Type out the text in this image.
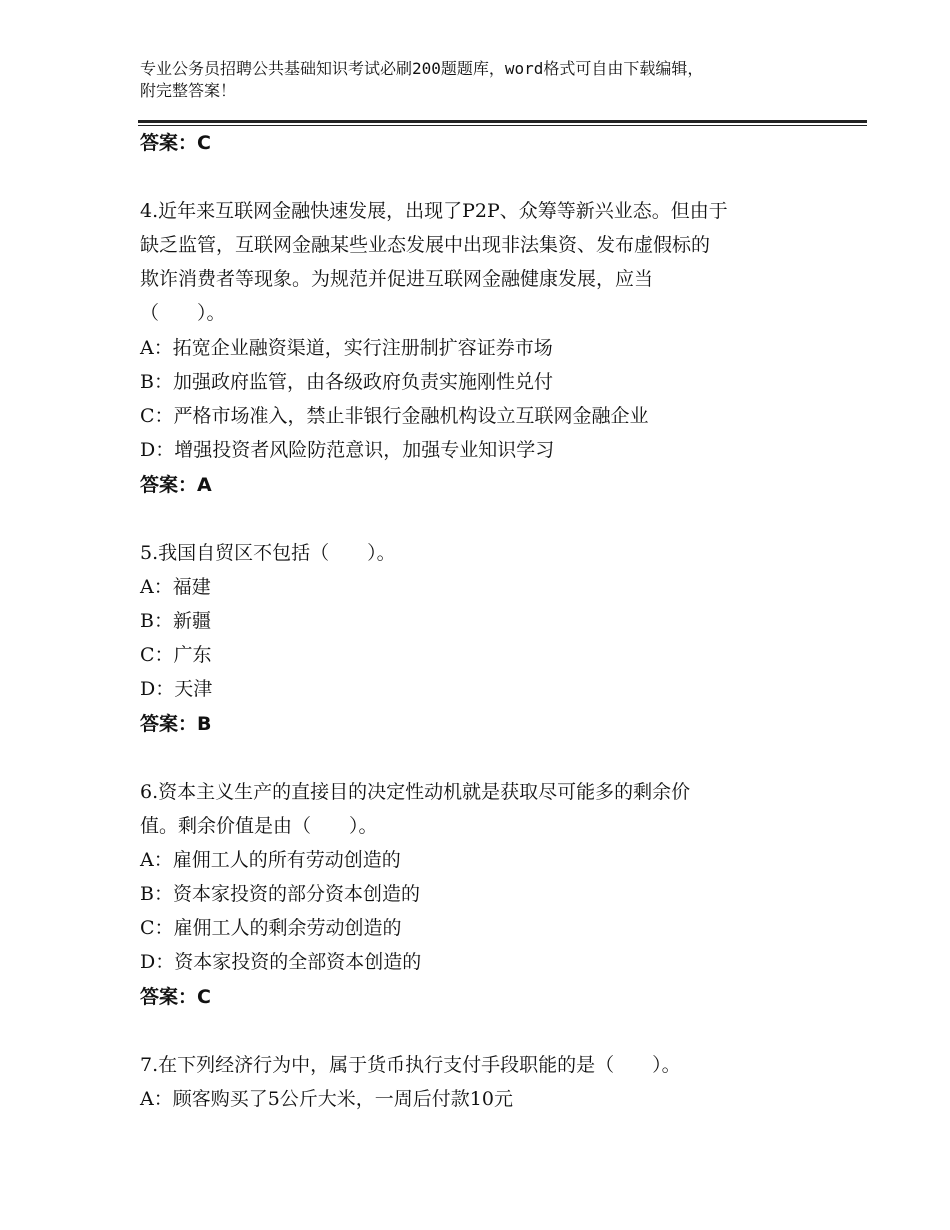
专业公务员招聘公共基础知识考试必刷200题题库，word格式可自由下载编辑，
附完整答案！
答案：C
4.近年来互联网金融快速发展，出现了P2P、众筹等新兴业态。但由于
缺乏监管，互联网金融某些业态发展中出现非法集资、发布虚假标的
欺诈消费者等现象。为规范并促进互联网金融健康发展，应当
（　　）。
A：拓宽企业融资渠道，实行注册制扩容证券市场
B：加强政府监管，由各级政府负责实施刚性兑付
C：严格市场准入，禁止非银行金融机构设立互联网金融企业
D：增强投资者风险防范意识，加强专业知识学习
答案：A
5.我国自贸区不包括（　　）。
A：福建
B：新疆
C：广东
D：天津
答案：B
6.资本主义生产的直接目的决定性动机就是获取尽可能多的剩余价
值。剩余价值是由（　　）。
A：雇佣工人的所有劳动创造的
B：资本家投资的部分资本创造的
C：雇佣工人的剩余劳动创造的
D：资本家投资的全部资本创造的
答案：C
7.在下列经济行为中，属于货币执行支付手段职能的是（　　）。
A：顾客购买了5公斤大米，一周后付款10元
